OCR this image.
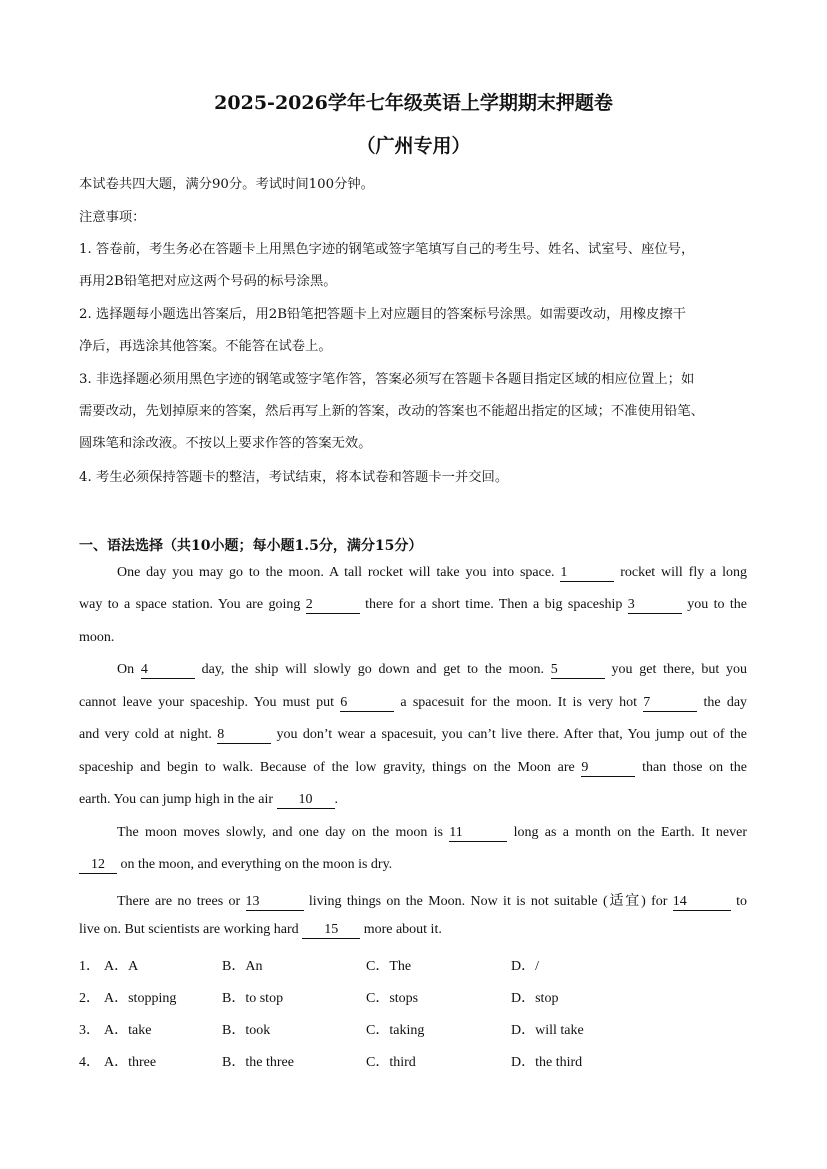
2025-2026学年七年级英语上学期期末押题卷
（广州专用）
本试卷共四大题，满分90分。考试时间100分钟。
注意事项：
1. 答卷前，考生务必在答题卡上用黑色字迹的钢笔或签字笔填写自己的考生号、姓名、试室号、座位号，
再用2B铅笔把对应这两个号码的标号涂黑。
2. 选择题每小题选出答案后，用2B铅笔把答题卡上对应题目的答案标号涂黑。如需要改动，用橡皮擦干
净后，再选涂其他答案。不能答在试卷上。
3. 非选择题必须用黑色字迹的钢笔或签字笔作答，答案必须写在答题卡各题目指定区域的相应位置上；如
需要改动，先划掉原来的答案，然后再写上新的答案，改动的答案也不能超出指定的区域；不准使用铅笔、
圆珠笔和涂改液。不按以上要求作答的答案无效。
4. 考生必须保持答题卡的整洁，考试结束，将本试卷和答题卡一并交回。
一、语法选择（共10小题；每小题1.5分，满分15分）
One day you may go to the moon. A tall rocket will take you into space. 1	rocket will fly a long
way to a space station. You are going 2	there for a short time. Then a big spaceship 3	you to the
moon.
On 4	day, the ship will slowly go down and get to the moon. 5	you get there, but you
cannot leave your spaceship. You must put 6	a spacesuit for the moon. It is very hot 7	the day
and very cold at night. 8	you don’t wear a spacesuit, you can’t live there. After that, You jump out of the
spaceship and begin to walk. Because of the low gravity, things on the Moon are 9	than those on the
earth. You can jump high in the air 10 .
The moon moves slowly, and one day on the moon is 11	long as a month on the Earth. It never
12 on the moon, and everything on the moon is dry.
There are no trees or 13	living things on the Moon. Now it is not suitable (适宜) for 14	to
live on. But scientists are working hard 15 more about it.
1． A．A	B．An	C．The	D．/
2． A．stopping	B．to stop	C．stops	D．stop
3． A．take	B．took	C．taking	D．will take
4． A．three	B．the three	C．third	D．the third
